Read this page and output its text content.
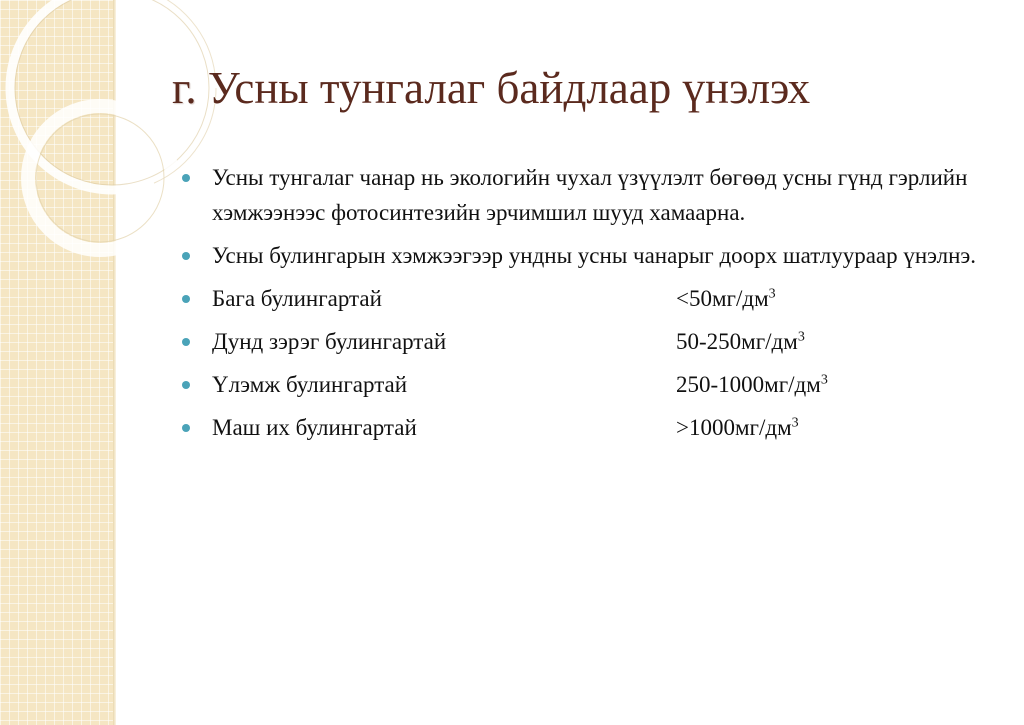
г. Усны тунгалаг байдлаар үнэлэх
Усны тунгалаг чанар нь экологийн чухал үзүүлэлт бөгөөд усны гүнд гэрлийн хэмжээнээс фотосинтезийн эрчимшил шууд хамаарна.
Усны булингарын хэмжээгээр ундны усны чанарыг доорх шатлуураар үнэлнэ.
Бага булингартай	$<50мг/дм^3$
Дунд зэрэг булингартай	$50-250мг/дм^3$
Үлэмж булингартай	$250-1000мг/дм^3$
Маш их булингартай	$>1000мг/дм^3$
